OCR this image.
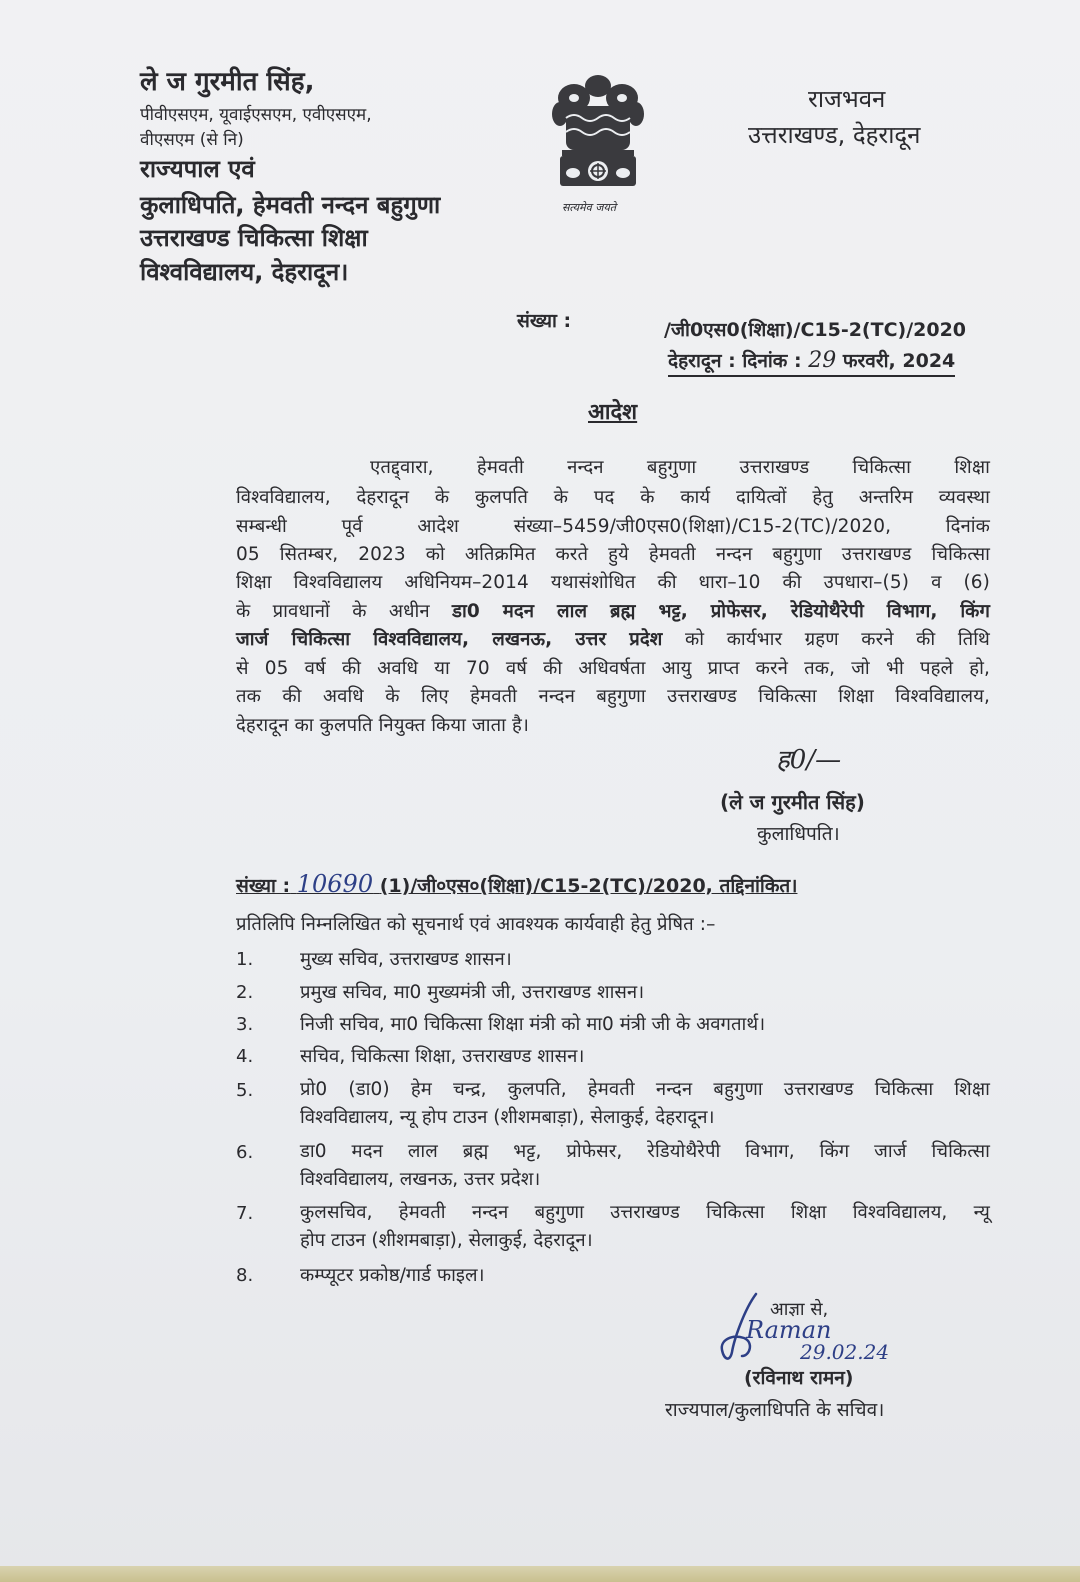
ले ज गुरमीत सिंह,
पीवीएसएम, यूवाईएसएम, एवीएसएम,
वीएसएम (से नि)
राज्यपाल एवं
कुलाधिपति, हेमवती नन्दन बहुगुणा
उत्तराखण्ड चिकित्सा शिक्षा
विश्वविद्यालय, देहरादून।
सत्यमेव जयते
राजभवन
उत्तराखण्ड, देहरादून
संख्या :	/जी0एस0(शिक्षा)/C15-2(TC)/2020
देहरादून : दिनांक : 29 फरवरी, 2024
आदेश
एतद्द्वारा, हेमवती नन्दन बहुगुणा उत्तराखण्ड चिकित्सा शिक्षा
विश्वविद्यालय, देहरादून के कुलपति के पद के कार्य दायित्वों हेतु अन्तरिम व्यवस्था
सम्बन्धी पूर्व आदेश संख्या–5459/जी0एस0(शिक्षा)/C15-2(TC)/2020, दिनांक
05 सितम्बर, 2023 को अतिक्रमित करते हुये हेमवती नन्दन बहुगुणा उत्तराखण्ड चिकित्सा
शिक्षा विश्वविद्यालय अधिनियम–2014 यथासंशोधित की धारा–10 की उपधारा–(5) व (6)
के प्रावधानों के अधीन डा0 मदन लाल ब्रह्म भट्ट, प्रोफेसर, रेडियोथैरेपी विभाग, किंग
जार्ज चिकित्सा विश्वविद्यालय, लखनऊ, उत्तर प्रदेश को कार्यभार ग्रहण करने की तिथि
से 05 वर्ष की अवधि या 70 वर्ष की अधिवर्षता आयु प्राप्त करने तक, जो भी पहले हो,
तक की अवधि के लिए हेमवती नन्दन बहुगुणा उत्तराखण्ड चिकित्सा शिक्षा विश्वविद्यालय,
देहरादून का कुलपति नियुक्त किया जाता है।
ह0/—
(ले ज गुरमीत सिंह)
कुलाधिपति।
संख्या : 10690 (1)/जी०एस०(शिक्षा)/C15-2(TC)/2020, तद्दिनांकित।
प्रतिलिपि निम्नलिखित को सूचनार्थ एवं आवश्यक कार्यवाही हेतु प्रेषित :–
1.	मुख्य सचिव, उत्तराखण्ड शासन।
2.	प्रमुख सचिव, मा0 मुख्यमंत्री जी, उत्तराखण्ड शासन।
3.	निजी सचिव, मा0 चिकित्सा शिक्षा मंत्री को मा0 मंत्री जी के अवगतार्थ।
4.	सचिव, चिकित्सा शिक्षा, उत्तराखण्ड शासन।
5.	प्रो0 (डा0) हेम चन्द्र, कुलपति, हेमवती नन्दन बहुगुणा उत्तराखण्ड चिकित्सा शिक्षा
विश्वविद्यालय, न्यू होप टाउन (शीशमबाड़ा), सेलाकुई, देहरादून।
6.	डा0 मदन लाल ब्रह्म भट्ट, प्रोफेसर, रेडियोथैरेपी विभाग, किंग जार्ज चिकित्सा
विश्वविद्यालय, लखनऊ, उत्तर प्रदेश।
7.	कुलसचिव, हेमवती नन्दन बहुगुणा उत्तराखण्ड चिकित्सा शिक्षा विश्वविद्यालय, न्यू
होप टाउन (शीशमबाड़ा), सेलाकुई, देहरादून।
8.	कम्प्यूटर प्रकोष्ठ/गार्ड फाइल।
आज्ञा से,
Raman
29.02.24
(रविनाथ रामन)
राज्यपाल/कुलाधिपति के सचिव।
